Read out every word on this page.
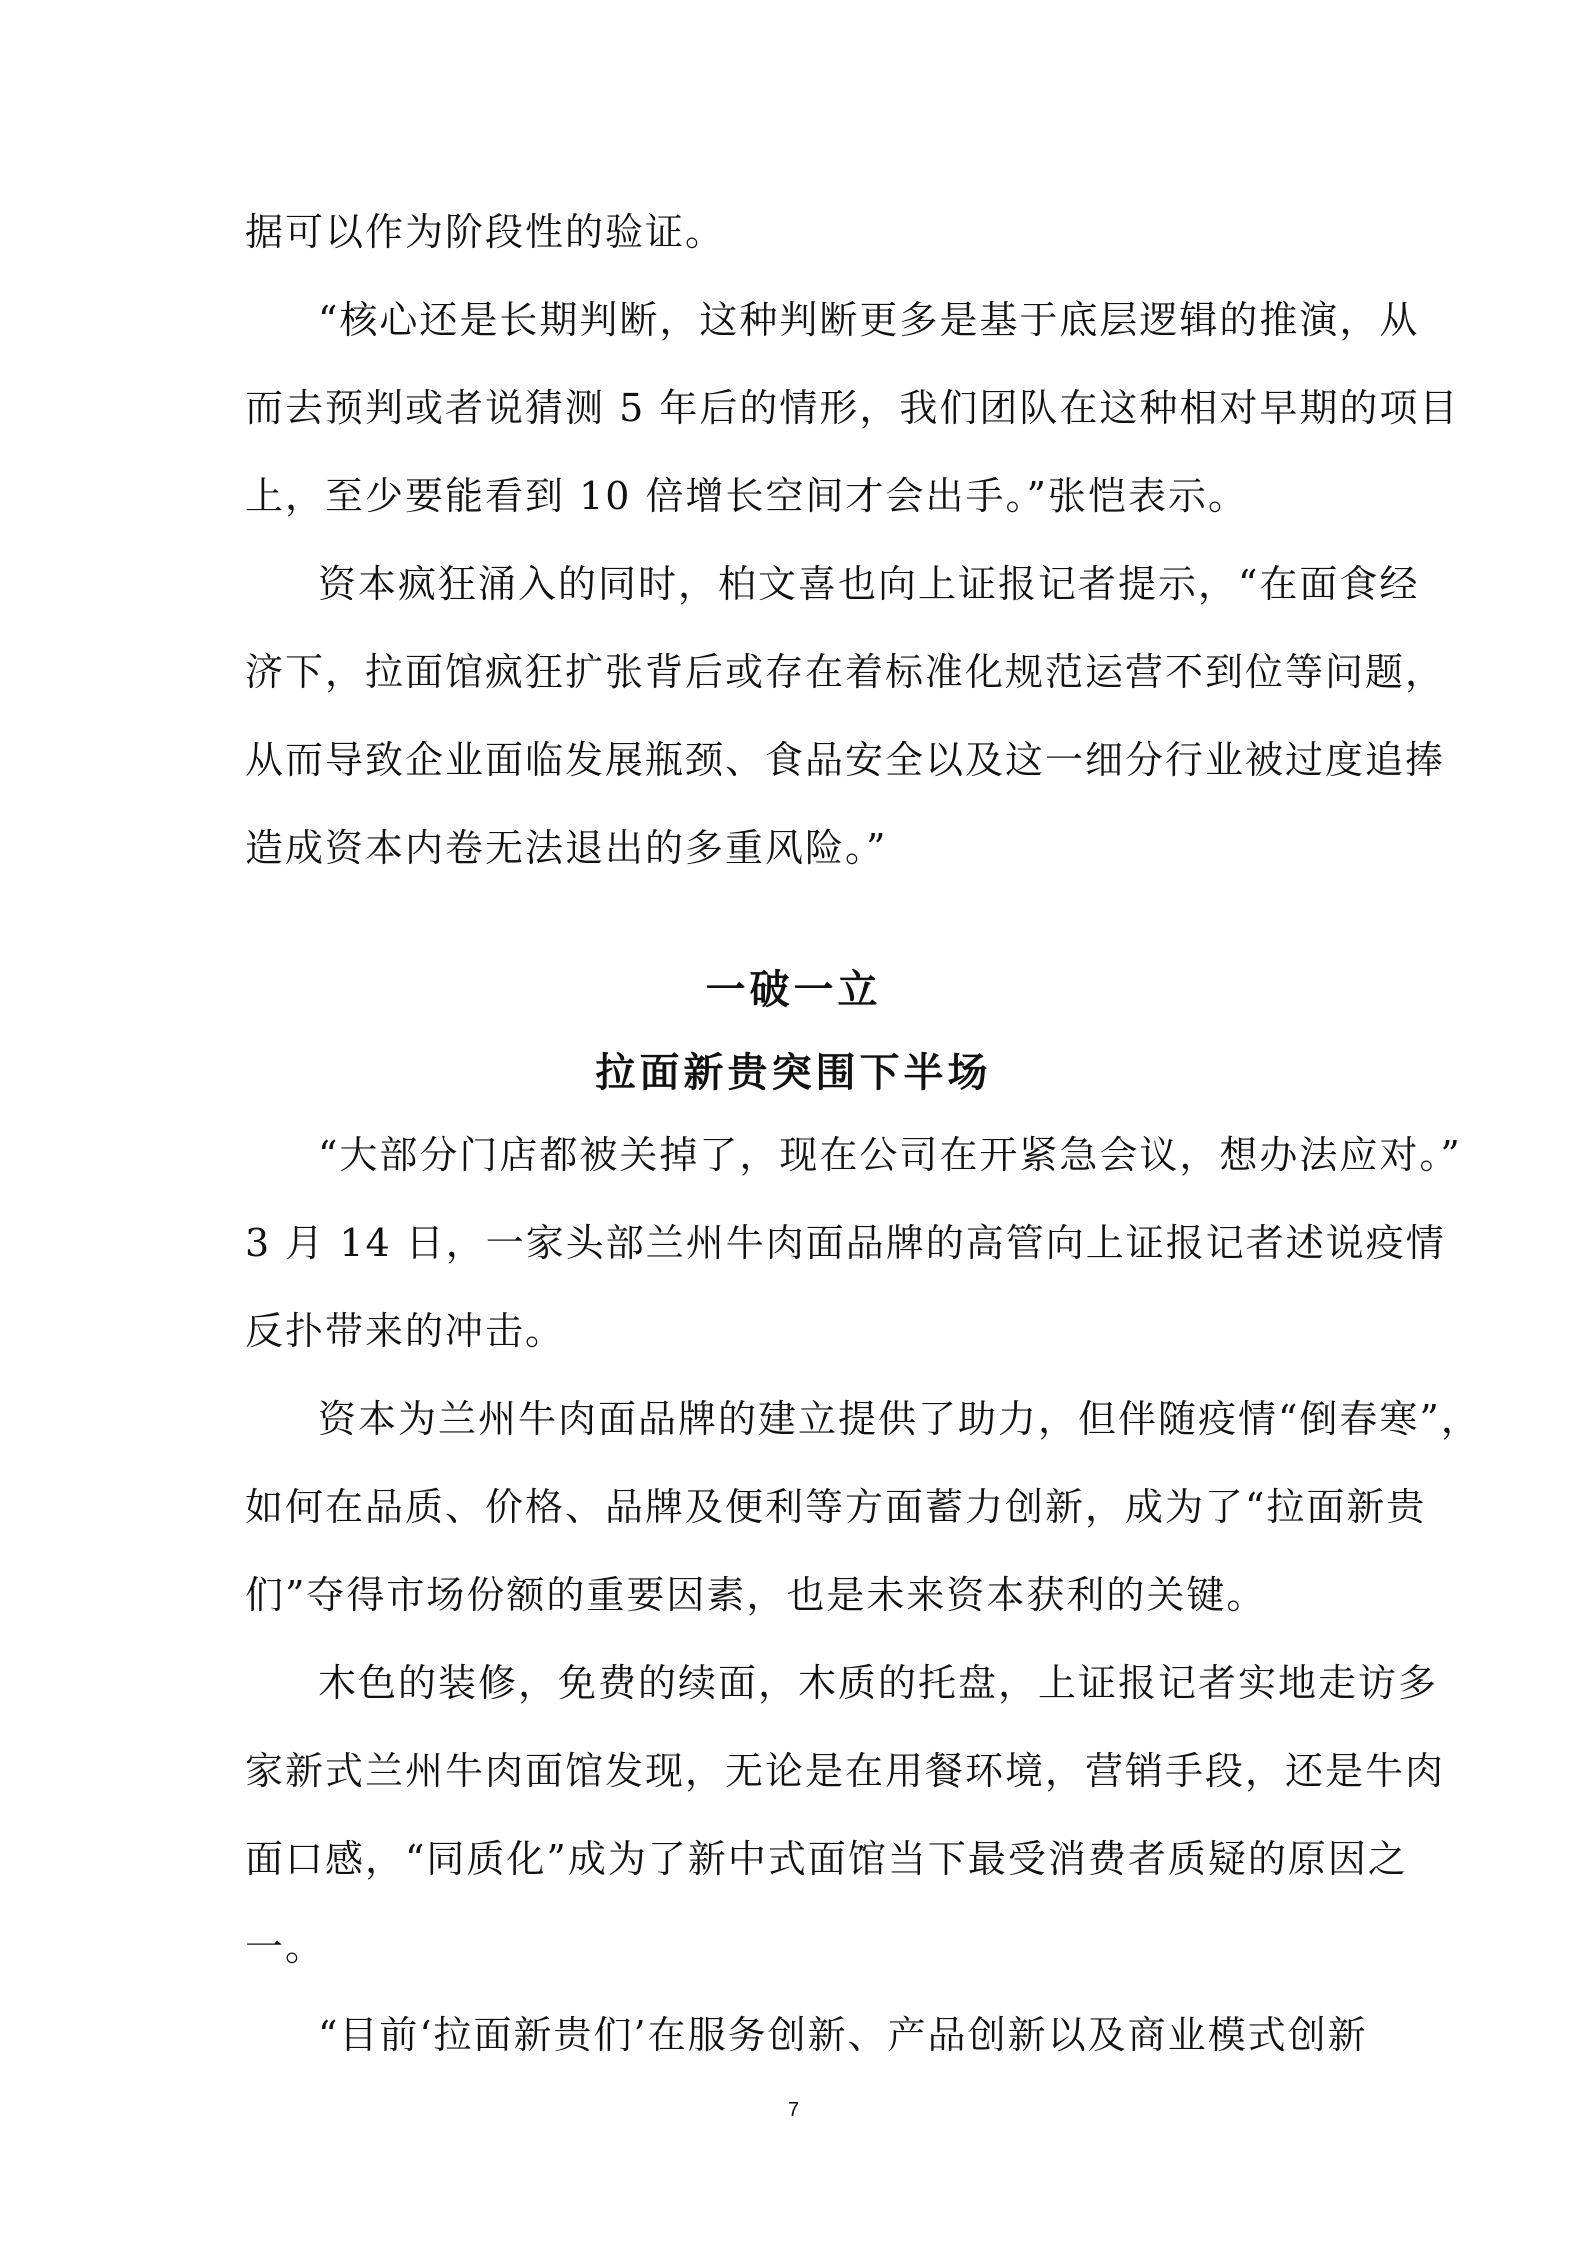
据可以作为阶段性的验证。
“核心还是长期判断，这种判断更多是基于底层逻辑的推演，从
而去预判或者说猜测 5 年后的情形，我们团队在这种相对早期的项目
上，至少要能看到 10 倍增长空间才会出手。”张恺表示。
资本疯狂涌入的同时，柏文喜也向上证报记者提示，“在面食经
济下，拉面馆疯狂扩张背后或存在着标准化规范运营不到位等问题，
从而导致企业面临发展瓶颈、食品安全以及这一细分行业被过度追捧
造成资本内卷无法退出的多重风险。”
一破一立
拉面新贵突围下半场
“大部分门店都被关掉了，现在公司在开紧急会议，想办法应对。”
3 月 14 日，一家头部兰州牛肉面品牌的高管向上证报记者述说疫情
反扑带来的冲击。
资本为兰州牛肉面品牌的建立提供了助力，但伴随疫情“倒春寒”，
如何在品质、价格、品牌及便利等方面蓄力创新，成为了“拉面新贵
们”夺得市场份额的重要因素，也是未来资本获利的关键。
木色的装修，免费的续面，木质的托盘，上证报记者实地走访多
家新式兰州牛肉面馆发现，无论是在用餐环境，营销手段，还是牛肉
面口感，“同质化”成为了新中式面馆当下最受消费者质疑的原因之
一。
“目前‘拉面新贵们’在服务创新、产品创新以及商业模式创新
7
